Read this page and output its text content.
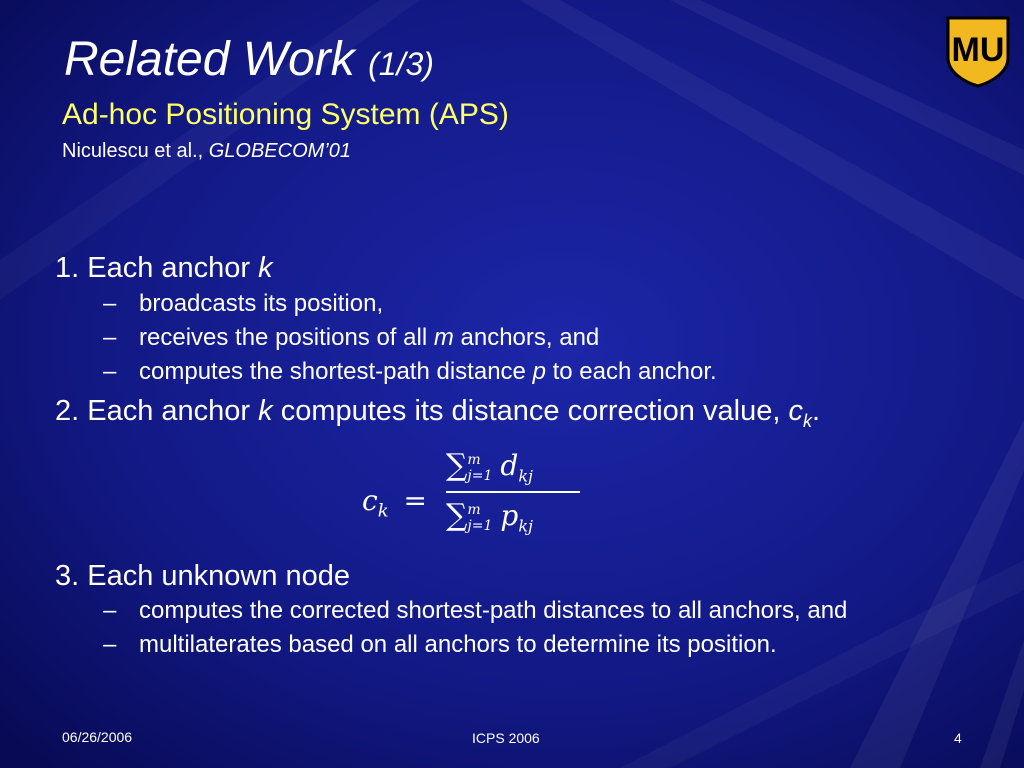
MU
Related Work (1/3)
Ad-hoc Positioning System (APS)
Niculescu et al., GLOBECOM’01
1. Each anchor k
– broadcasts its position,
– receives the positions of all m anchors, and
– computes the shortest-path distance p to each anchor.
2. Each anchor k computes its distance correction value, $c_k$.
$c_k$ =
∑ m
j=1 $d_{kj}$
∑ m
j=1 $p_{kj}$
3. Each unknown node
– computes the corrected shortest-path distances to all anchors, and
– multilaterates based on all anchors to determine its position.
06/26/2006	ICPS 2006	4
